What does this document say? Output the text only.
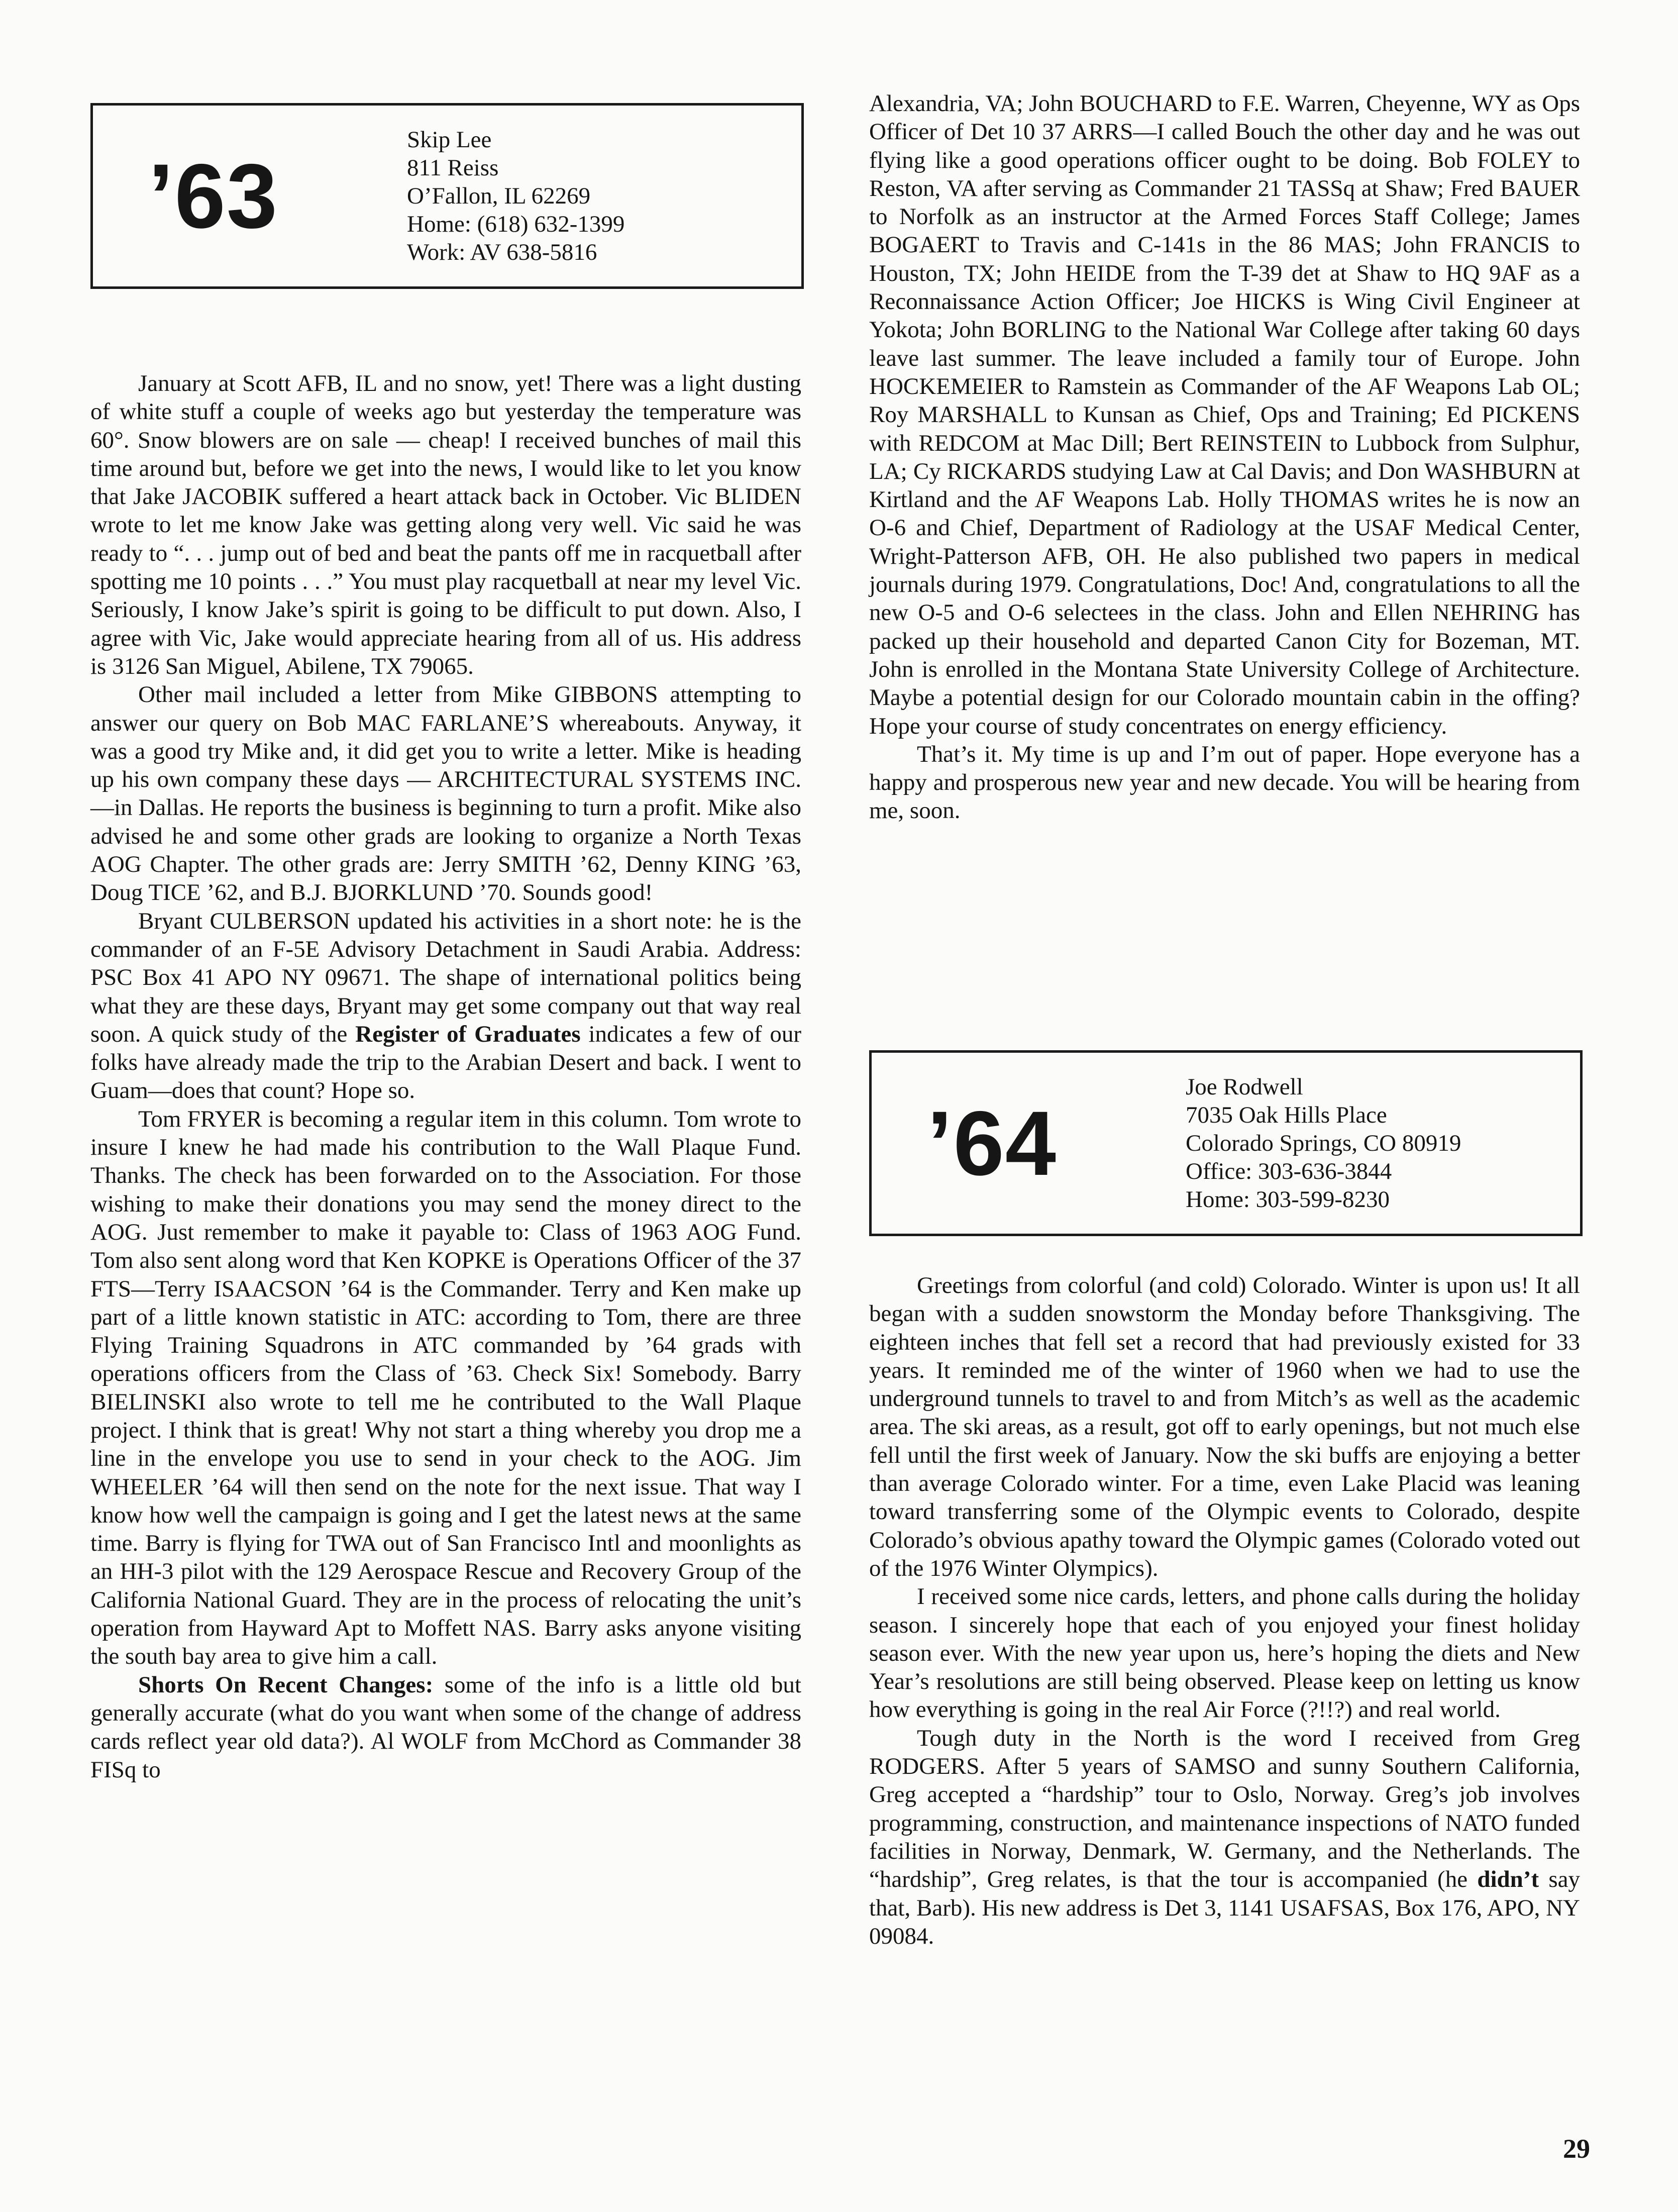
’63
Skip Lee
811 Reiss
O’Fallon, IL 62269
Home: (618) 632-1399
Work: AV 638-5816

January at Scott AFB, IL and no snow, yet! There was a light dusting of white stuff a couple of weeks ago but yesterday the temperature was 60°. Snow blowers are on sale — cheap! I received bunches of mail this time around but, before we get into the news, I would like to let you know that Jake JACOBIK suffered a heart attack back in October. Vic BLIDEN wrote to let me know Jake was getting along very well. Vic said he was ready to “. . . jump out of bed and beat the pants off me in racquetball after spotting me 10 points . . .” You must play racquetball at near my level Vic. Seriously, I know Jake’s spirit is going to be difficult to put down. Also, I agree with Vic, Jake would appreciate hearing from all of us. His address is 3126 San Miguel, Abilene, TX 79065.

Other mail included a letter from Mike GIBBONS attempting to answer our query on Bob MAC FARLANE’S whereabouts. Anyway, it was a good try Mike and, it did get you to write a letter. Mike is heading up his own company these days — ARCHITECTURAL SYSTEMS INC.—in Dallas. He reports the business is beginning to turn a profit. Mike also advised he and some other grads are looking to organize a North Texas AOG Chapter. The other grads are: Jerry SMITH ’62, Denny KING ’63, Doug TICE ’62, and B.J. BJORKLUND ’70. Sounds good!

Bryant CULBERSON updated his activities in a short note: he is the commander of an F-5E Advisory Detachment in Saudi Arabia. Address: PSC Box 41 APO NY 09671. The shape of international politics being what they are these days, Bryant may get some company out that way real soon. A quick study of the Register of Graduates indicates a few of our folks have already made the trip to the Arabian Desert and back. I went to Guam—does that count? Hope so.

Tom FRYER is becoming a regular item in this column. Tom wrote to insure I knew he had made his contribution to the Wall Plaque Fund. Thanks. The check has been forwarded on to the Association. For those wishing to make their donations you may send the money direct to the AOG. Just remember to make it payable to: Class of 1963 AOG Fund. Tom also sent along word that Ken KOPKE is Operations Officer of the 37 FTS—Terry ISAACSON ’64 is the Commander. Terry and Ken make up part of a little known statistic in ATC: according to Tom, there are three Flying Training Squadrons in ATC commanded by ’64 grads with operations officers from the Class of ’63. Check Six! Somebody. Barry BIELINSKI also wrote to tell me he contributed to the Wall Plaque project. I think that is great! Why not start a thing whereby you drop me a line in the envelope you use to send in your check to the AOG. Jim WHEELER ’64 will then send on the note for the next issue. That way I know how well the campaign is going and I get the latest news at the same time. Barry is flying for TWA out of San Francisco Intl and moonlights as an HH-3 pilot with the 129 Aerospace Rescue and Recovery Group of the California National Guard. They are in the process of relocating the unit’s operation from Hayward Apt to Moffett NAS. Barry asks anyone visiting the south bay area to give him a call.

Shorts On Recent Changes: some of the info is a little old but generally accurate (what do you want when some of the change of address cards reflect year old data?). Al WOLF from McChord as Commander 38 FISq to

Alexandria, VA; John BOUCHARD to F.E. Warren, Cheyenne, WY as Ops Officer of Det 10 37 ARRS—I called Bouch the other day and he was out flying like a good operations officer ought to be doing. Bob FOLEY to Reston, VA after serving as Commander 21 TASSq at Shaw; Fred BAUER to Norfolk as an instructor at the Armed Forces Staff College; James BOGAERT to Travis and C-141s in the 86 MAS; John FRANCIS to Houston, TX; John HEIDE from the T-39 det at Shaw to HQ 9AF as a Reconnaissance Action Officer; Joe HICKS is Wing Civil Engineer at Yokota; John BORLING to the National War College after taking 60 days leave last summer. The leave included a family tour of Europe. John HOCKEMEIER to Ramstein as Commander of the AF Weapons Lab OL; Roy MARSHALL to Kunsan as Chief, Ops and Training; Ed PICKENS with REDCOM at Mac Dill; Bert REINSTEIN to Lubbock from Sulphur, LA; Cy RICKARDS studying Law at Cal Davis; and Don WASHBURN at Kirtland and the AF Weapons Lab. Holly THOMAS writes he is now an O-6 and Chief, Department of Radiology at the USAF Medical Center, Wright-Patterson AFB, OH. He also published two papers in medical journals during 1979. Congratulations, Doc! And, congratulations to all the new O-5 and O-6 selectees in the class. John and Ellen NEHRING has packed up their household and departed Canon City for Bozeman, MT. John is enrolled in the Montana State University College of Architecture. Maybe a potential design for our Colorado mountain cabin in the offing? Hope your course of study concentrates on energy efficiency.

That’s it. My time is up and I’m out of paper. Hope everyone has a happy and prosperous new year and new decade. You will be hearing from me, soon.

’64
Joe Rodwell
7035 Oak Hills Place
Colorado Springs, CO 80919
Office: 303-636-3844
Home: 303-599-8230

Greetings from colorful (and cold) Colorado. Winter is upon us! It all began with a sudden snowstorm the Monday before Thanksgiving. The eighteen inches that fell set a record that had previously existed for 33 years. It reminded me of the winter of 1960 when we had to use the underground tunnels to travel to and from Mitch’s as well as the academic area. The ski areas, as a result, got off to early openings, but not much else fell until the first week of January. Now the ski buffs are enjoying a better than average Colorado winter. For a time, even Lake Placid was leaning toward transferring some of the Olympic events to Colorado, despite Colorado’s obvious apathy toward the Olympic games (Colorado voted out of the 1976 Winter Olympics).

I received some nice cards, letters, and phone calls during the holiday season. I sincerely hope that each of you enjoyed your finest holiday season ever. With the new year upon us, here’s hoping the diets and New Year’s resolutions are still being observed. Please keep on letting us know how everything is going in the real Air Force (?!!?) and real world.

Tough duty in the North is the word I received from Greg RODGERS. After 5 years of SAMSO and sunny Southern California, Greg accepted a “hardship” tour to Oslo, Norway. Greg’s job involves programming, construction, and maintenance inspections of NATO funded facilities in Norway, Denmark, W. Germany, and the Netherlands. The “hardship”, Greg relates, is that the tour is accompanied (he didn’t say that, Barb). His new address is Det 3, 1141 USAFSAS, Box 176, APO, NY 09084.

29
